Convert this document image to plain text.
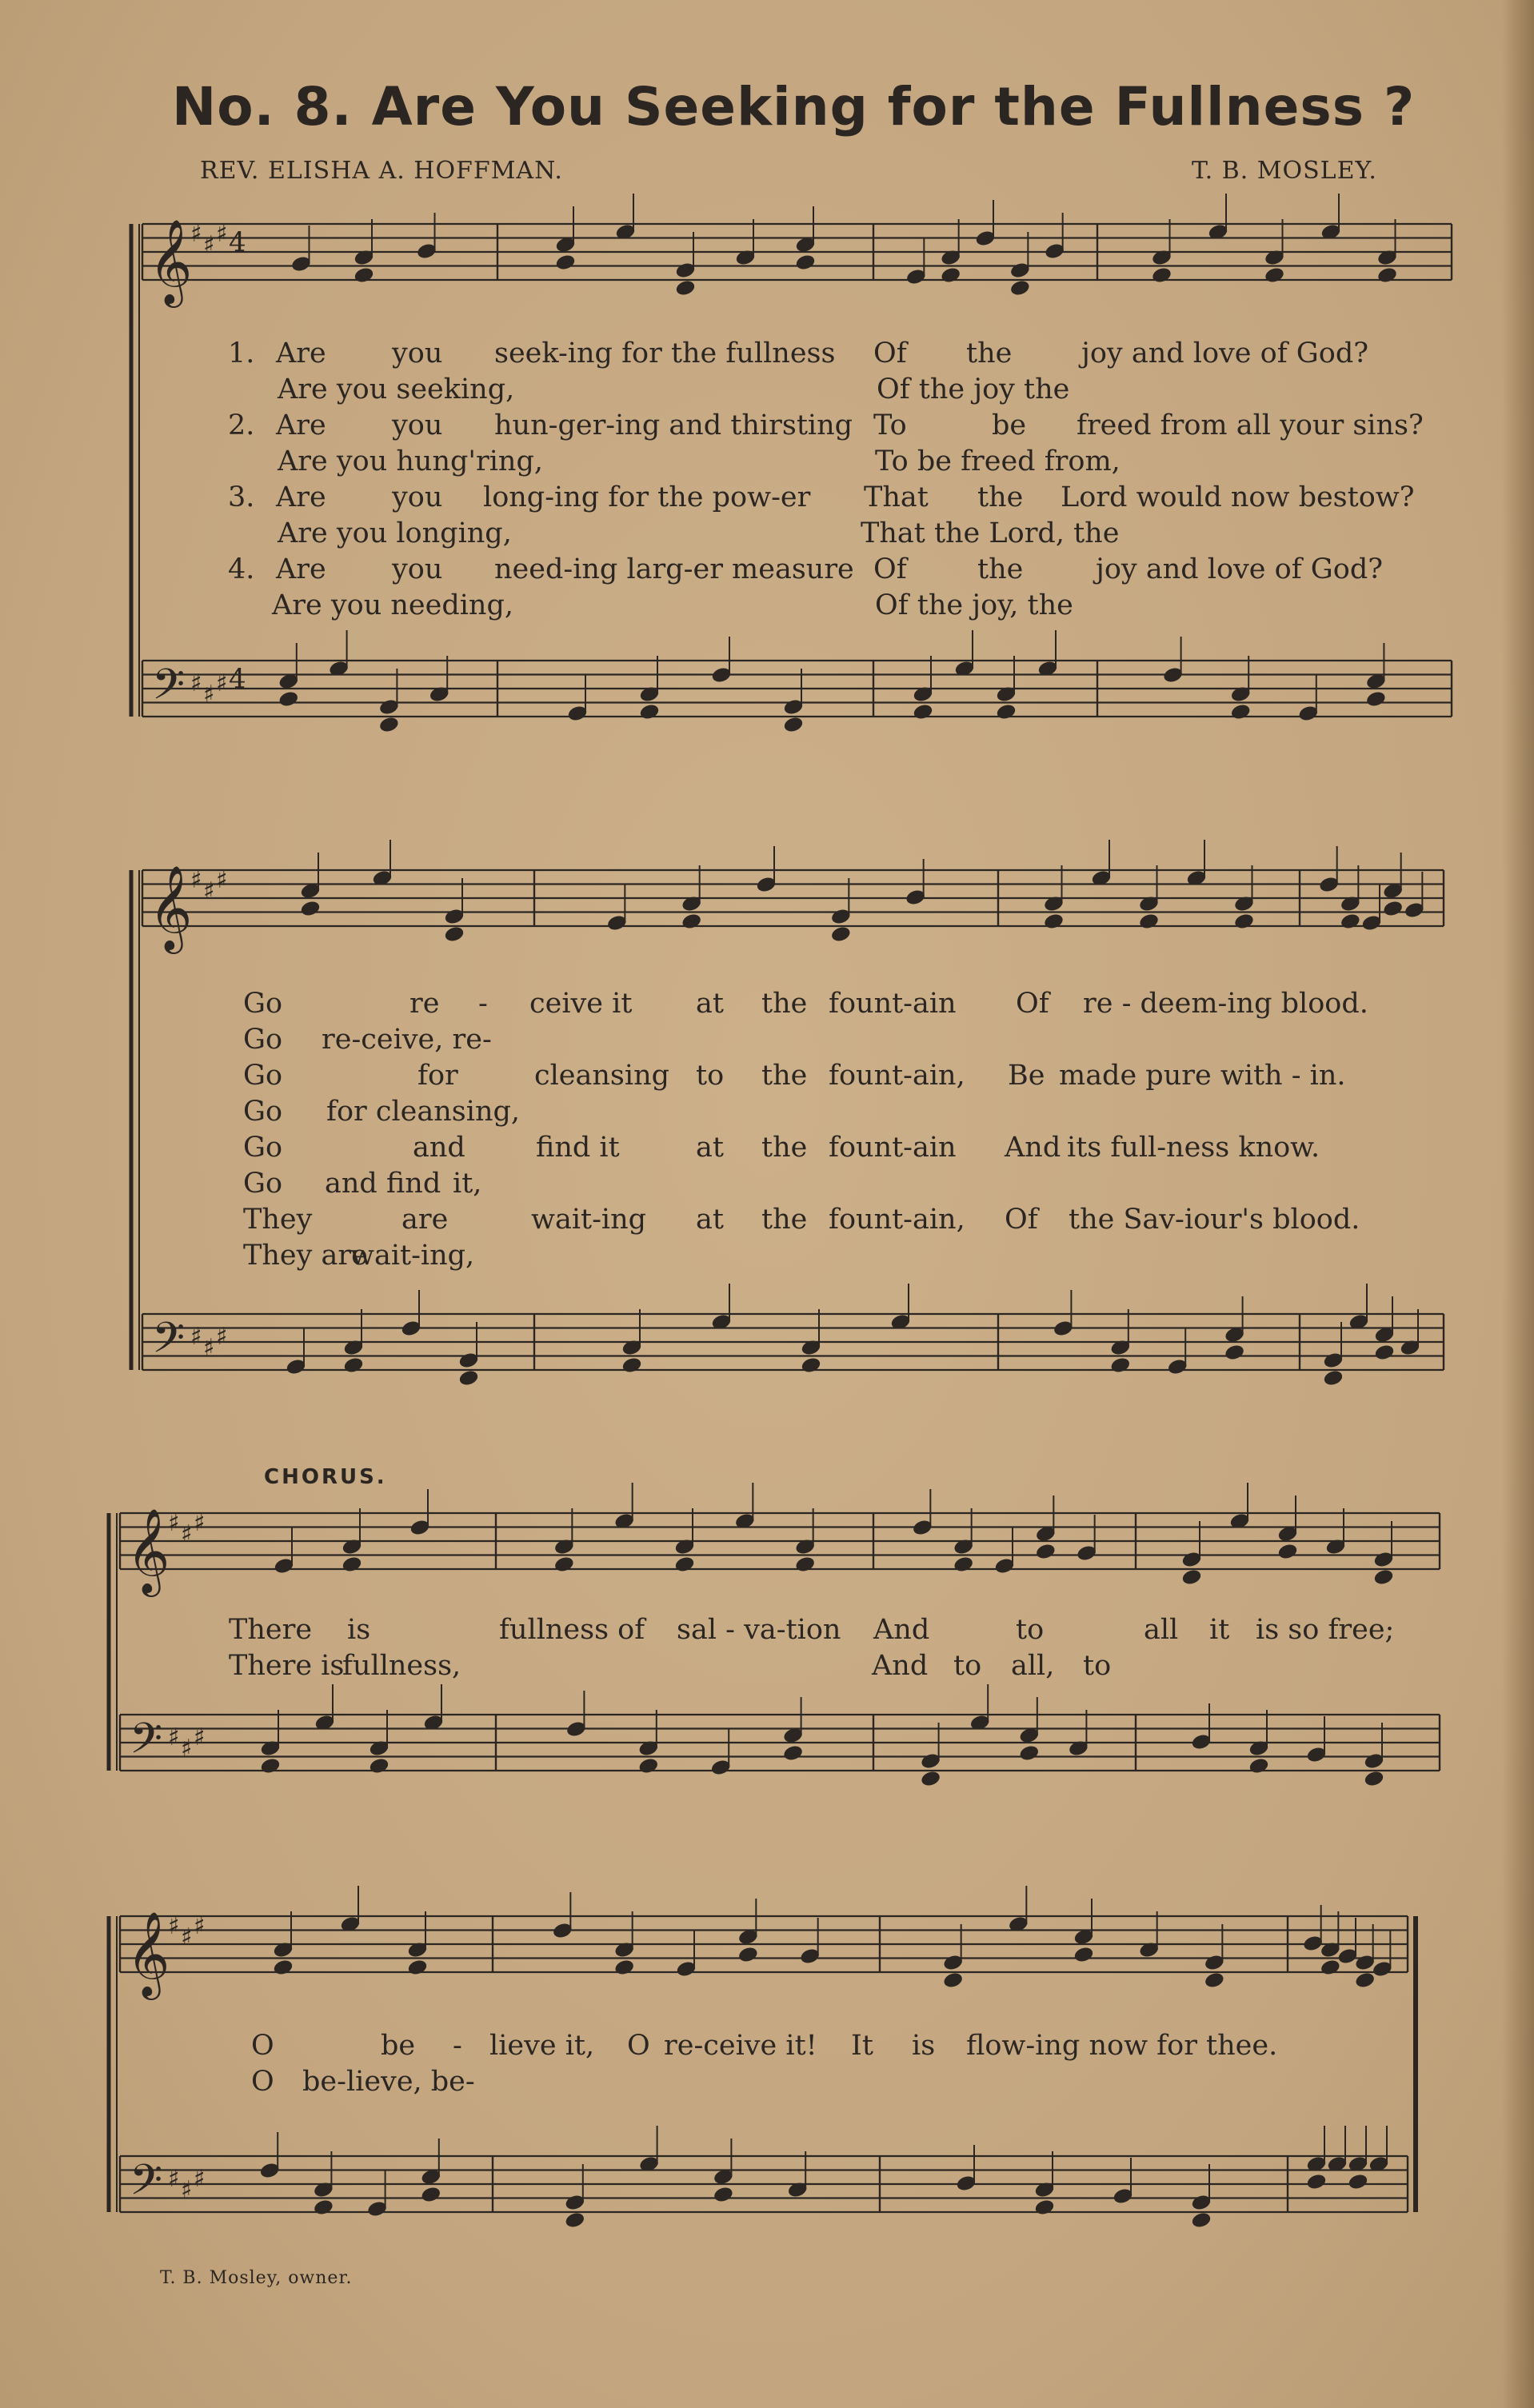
No. 8. Are You Seeking for the Fullness ?
REV. ELISHA A. HOFFMAN.	T. B. MOSLEY.
𝄞
𝄢
♯
♯
♯
♯
♯
♯
4
4
𝄞
𝄢
♯
♯
♯
♯
♯
♯
𝄞
𝄢
♯
♯
♯
♯
♯
♯
𝄞
𝄢
♯
♯
♯
♯
♯
♯
1. Are you seek-ing for the fullness Of the joy and love of God?
Are you seeking,	Of the joy the
2. Are you hun-ger-ing and thirsting To	be freed from all your sins?
Are you hung'ring,	To be freed from,
3. Are you long-ing for the pow-er That the Lord would now bestow?
Are you longing,	That the Lord, the
4. Are you need-ing larg-er measure Of	the	joy and love of God?
Are you needing,	Of the joy, the
Go	re - ceive it at the fount-ain Of re - deem-ing blood.
Go re-ceive, re-
Go	for	cleansing to the fount-ain, Be made pure with - in.
Go for cleansing,
Go	and	find it	at the fount-ain And its full-ness know.
Go and find it,
They	are	wait-ing at the fount-ain, Of the Sav-iour's blood.
They are
wait-ing,
CHORUS.
There is	fullness of sal - va-tion And	to	all it is so free;
There is
fullness,	And to all, to
O	be - lieve it, O re-ceive it! It is flow-ing now for thee.
O be-lieve, be-
T. B. Mosley, owner.
